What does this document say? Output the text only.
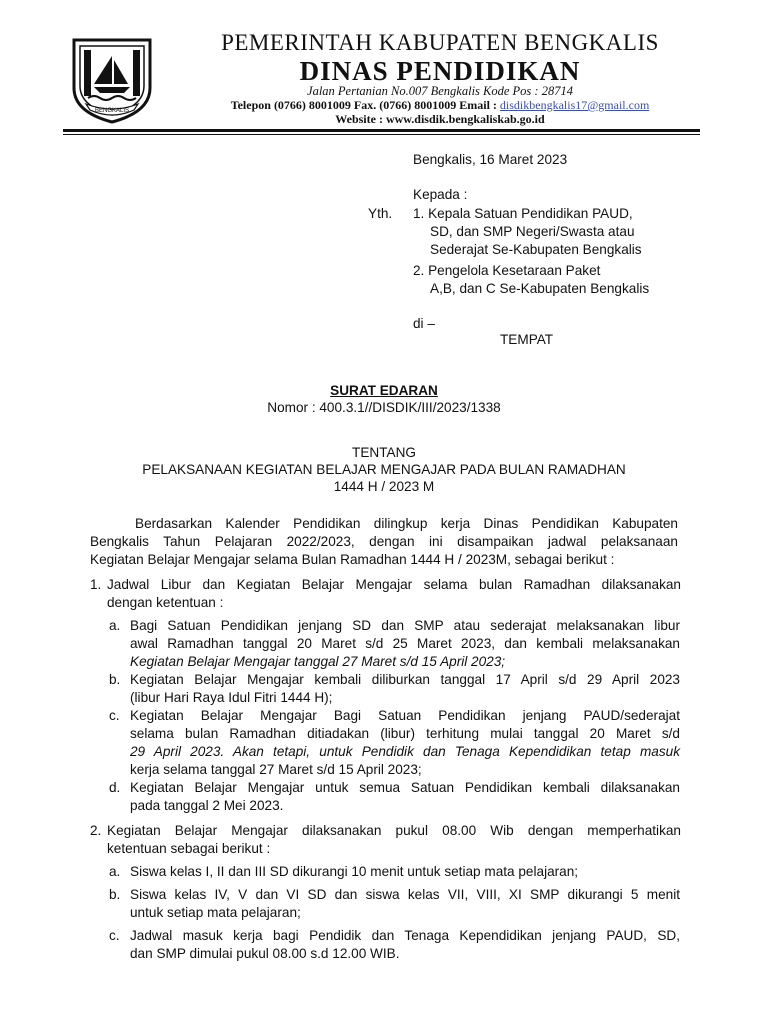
BENGKALIS
PEMERINTAH KABUPATEN BENGKALIS
DINAS PENDIDIKAN
Jalan Pertanian No.007 Bengkalis Kode Pos : 28714
Telepon (0766) 8001009 Fax. (0766) 8001009 Email : disdikbengkalis17@gmail.com
Website : www.disdik.bengkaliskab.go.id
Bengkalis, 16 Maret 2023
Kepada :
Yth. 1. Kepala Satuan Pendidikan PAUD,
SD, dan SMP Negeri/Swasta atau
Sederajat Se-Kabupaten Bengkalis
2. Pengelola Kesetaraan Paket
A,B, dan C Se-Kabupaten Bengkalis
di –
TEMPAT
SURAT EDARAN
Nomor : 400.3.1//DISDIK/III/2023/1338
TENTANG
PELAKSANAAN KEGIATAN BELAJAR MENGAJAR PADA BULAN RAMADHAN
1444 H / 2023 M
Berdasarkan Kalender Pendidikan dilingkup kerja Dinas Pendidikan Kabupaten
Bengkalis Tahun Pelajaran 2022/2023, dengan ini disampaikan jadwal pelaksanaan
Kegiatan Belajar Mengajar selama Bulan Ramadhan 1444 H / 2023M, sebagai berikut :
1. Jadwal Libur dan Kegiatan Belajar Mengajar selama bulan Ramadhan dilaksanakan
dengan ketentuan :
a. Bagi Satuan Pendidikan jenjang SD dan SMP atau sederajat melaksanakan libur
awal Ramadhan tanggal 20 Maret s/d 25 Maret 2023, dan kembali melaksanakan
Kegiatan Belajar Mengajar tanggal 27 Maret s/d 15 April 2023;
b. Kegiatan Belajar Mengajar kembali diliburkan tanggal 17 April s/d 29 April 2023
(libur Hari Raya Idul Fitri 1444 H);
c. Kegiatan Belajar Mengajar Bagi Satuan Pendidikan jenjang PAUD/sederajat
selama bulan Ramadhan ditiadakan (libur) terhitung mulai tanggal 20 Maret s/d
29 April 2023. Akan tetapi, untuk Pendidik dan Tenaga Kependidikan tetap masuk
kerja selama tanggal 27 Maret s/d 15 April 2023;
d. Kegiatan Belajar Mengajar untuk semua Satuan Pendidikan kembali dilaksanakan
pada tanggal 2 Mei 2023.
2. Kegiatan Belajar Mengajar dilaksanakan pukul 08.00 Wib dengan memperhatikan
ketentuan sebagai berikut :
a. Siswa kelas I, II dan III SD dikurangi 10 menit untuk setiap mata pelajaran;
b. Siswa kelas IV, V dan VI SD dan siswa kelas VII, VIII, XI SMP dikurangi 5 menit
untuk setiap mata pelajaran;
c. Jadwal masuk kerja bagi Pendidik dan Tenaga Kependidikan jenjang PAUD, SD,
dan SMP dimulai pukul 08.00 s.d 12.00 WIB.
